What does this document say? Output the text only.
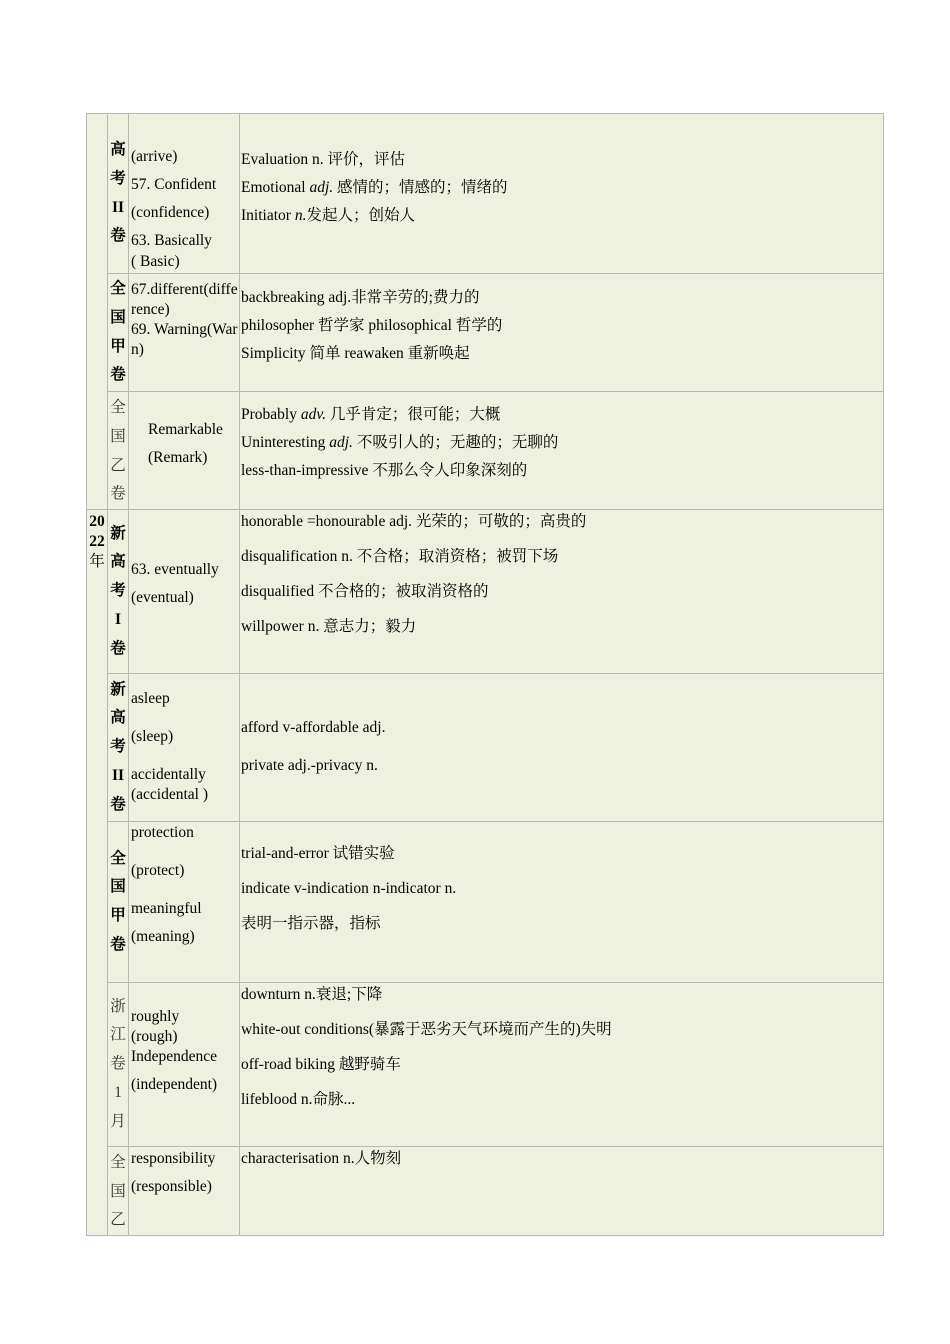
	高考II卷	(arrive)
57. Confident
(confidence)
63. Basically
( Basic)	Evaluation n. 评价，评估
Emotional adj. 感情的；情感的；情绪的
Initiator n.发起人；创始人

	全国甲卷	67.different(difference)
69. Warning(Warn)	backbreaking adj.非常辛劳的;费力的
philosopher 哲学家 philosophical 哲学的
Simplicity 简单 reawaken 重新唤起

	全
国乙卷	Remarkable
(Remark)	Probably adv. 几乎肯定；很可能；大概
Uninteresting adj. 不吸引人的；无趣的；无聊的
less-than-impressive 不那么令人印象深刻的

20
22
年	新高考I卷	63. eventually
(eventual)	honorable =honourable adj. 光荣的；可敬的；高贵的
disqualification n. 不合格；取消资格；被罚下场
disqualified 不合格的；被取消资格的
willpower n. 意志力；毅力

	新高考II卷	asleep
(sleep)
accidentally
(accidental )	afford v-affordable adj.
private adj.-privacy n.

	全国甲卷	protection
(protect)
meaningful
(meaning)	trial-and-error 试错实验
indicate v-indication n-indicator n.
表明一指示器，指标

	浙江卷1月	roughly
(rough)
Independence
(independent)	downturn n.衰退;下降
white-out conditions(暴露于恶劣天气环境而产生的)失明
off-road biking 越野骑车
lifeblood n.命脉...

	全国乙	responsibility
(responsible)	characterisation n.人物刻
